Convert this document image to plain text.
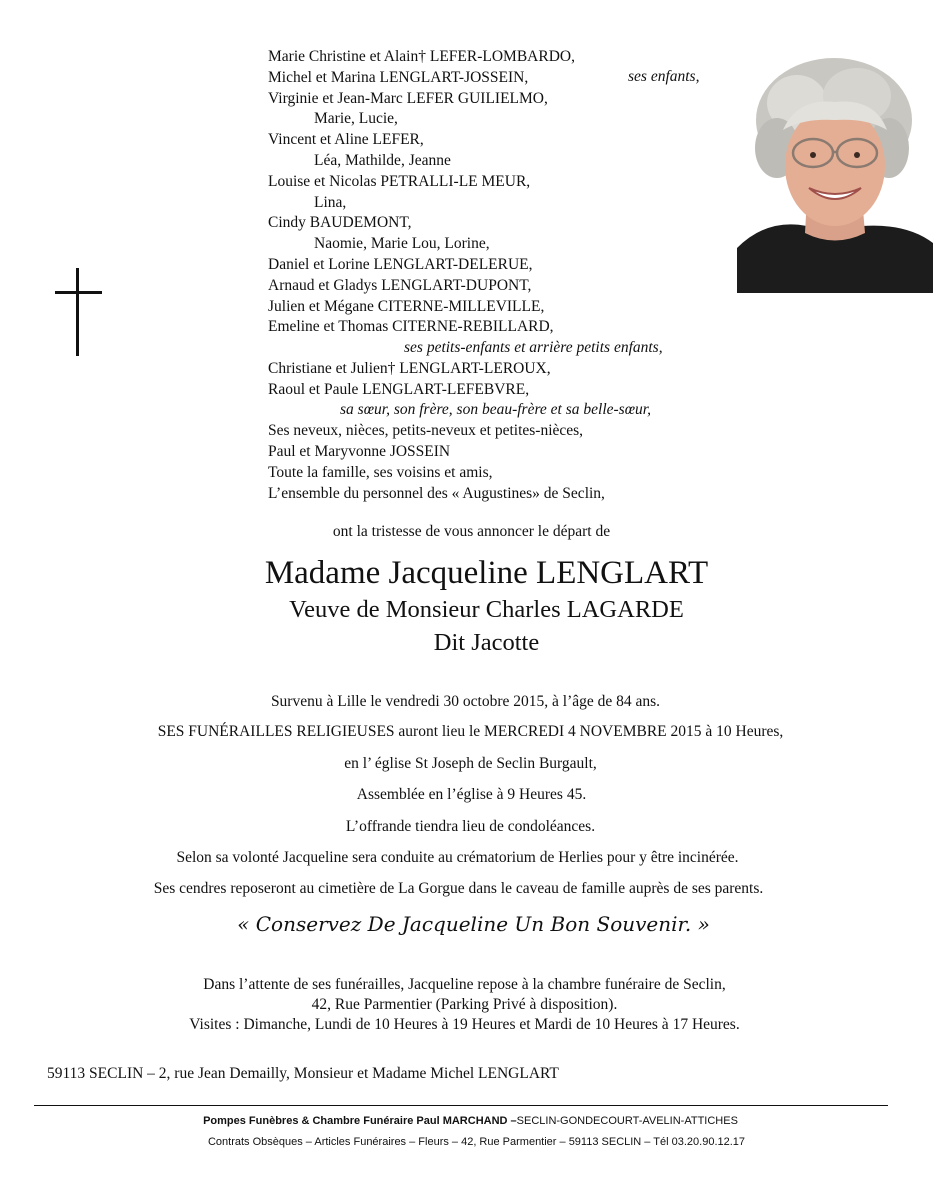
Marie Christine et Alain† LEFER-LOMBARDO,
Michel et Marina LENGLART-JOSSEIN,
Virginie et Jean-Marc LEFER GUILIELMO,
Marie, Lucie,
Vincent et Aline LEFER,
Léa, Mathilde, Jeanne
Louise et Nicolas PETRALLI-LE MEUR,
Lina,
Cindy BAUDEMONT,
Naomie, Marie Lou, Lorine,
Daniel et Lorine LENGLART-DELERUE,
Arnaud et Gladys LENGLART-DUPONT,
Julien et Mégane CITERNE-MILLEVILLE,
Emeline et Thomas CITERNE-REBILLARD,
Christiane et Julien† LENGLART-LEROUX,
Raoul et Paule LENGLART-LEFEBVRE,
Ses neveux, nièces, petits-neveux et petites-nièces,
Paul et Maryvonne JOSSEIN
Toute la famille, ses voisins et amis,
L’ensemble du personnel des « Augustines» de Seclin,
ses enfants,
ses petits-enfants et arrière petits enfants,
sa sœur, son frère, son beau-frère et sa belle-sœur,
ont la tristesse de vous annoncer le départ de
Madame Jacqueline LENGLART
Veuve de Monsieur Charles LAGARDE
Dit Jacotte
Survenu à Lille le vendredi 30 octobre 2015, à l’âge de 84 ans.
SES FUNÉRAILLES RELIGIEUSES auront lieu le MERCREDI 4 NOVEMBRE 2015 à 10 Heures,
en l’ église St Joseph de Seclin Burgault,
Assemblée en l’église à 9 Heures 45.
L’offrande tiendra lieu de condoléances.
Selon sa volonté Jacqueline sera conduite au crématorium de Herlies pour y être incinérée.
Ses cendres reposeront au cimetière de La Gorgue dans le caveau de famille auprès de ses parents.
« Conservez De Jacqueline Un Bon Souvenir. »
Dans l’attente de ses funérailles, Jacqueline repose à la chambre funéraire de Seclin,
42, Rue Parmentier (Parking Privé à disposition).
Visites : Dimanche, Lundi de 10 Heures à 19 Heures et Mardi de 10 Heures à 17 Heures.
59113 SECLIN – 2, rue Jean Demailly, Monsieur et Madame Michel LENGLART
Pompes Funèbres & Chambre Funéraire Paul MARCHAND –SECLIN-GONDECOURT-AVELIN-ATTICHES
Contrats Obsèques – Articles Funéraires – Fleurs – 42, Rue Parmentier – 59113 SECLIN – Tél 03.20.90.12.17
